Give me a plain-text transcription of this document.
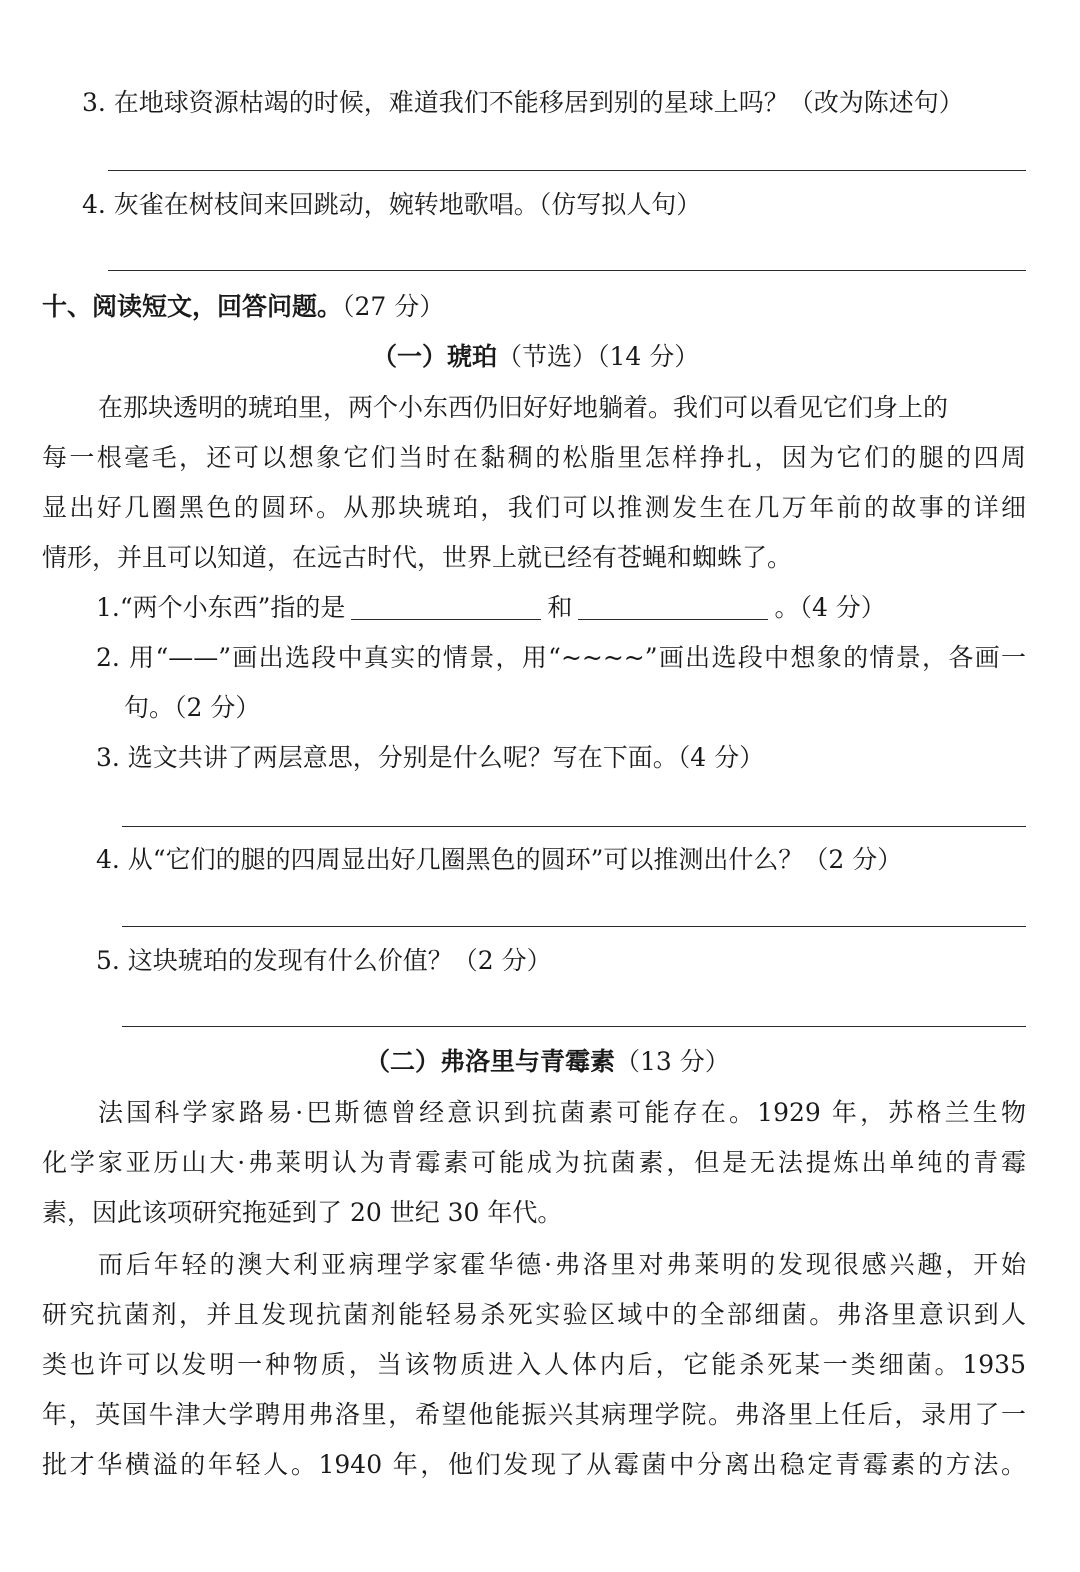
3. 在地球资源枯竭的时候，难道我们不能移居到别的星球上吗？（改为陈述句）
4. 灰雀在树枝间来回跳动，婉转地歌唱。（仿写拟人句）
十、阅读短文，回答问题。（27 分）
（一）琥珀（节选）（14 分）
在那块透明的琥珀里，两个小东西仍旧好好地躺着。我们可以看见它们身上的
每一根毫毛，还可以想象它们当时在黏稠的松脂里怎样挣扎，因为它们的腿的四周
显出好几圈黑色的圆环。从那块琥珀，我们可以推测发生在几万年前的故事的详细
情形，并且可以知道，在远古时代，世界上就已经有苍蝇和蜘蛛了。
1.“两个小东西”指的是	和	。（4 分）
2. 用“——”画出选段中真实的情景，用“~~~~”画出选段中想象的情景，各画一
句。（2 分）
3. 选文共讲了两层意思，分别是什么呢？写在下面。（4 分）
4. 从“它们的腿的四周显出好几圈黑色的圆环”可以推测出什么？（2 分）
5. 这块琥珀的发现有什么价值？（2 分）
（二）弗洛里与青霉素（13 分）
法国科学家路易·巴斯德曾经意识到抗菌素可能存在。1929 年，苏格兰生物
化学家亚历山大·弗莱明认为青霉素可能成为抗菌素，但是无法提炼出单纯的青霉
素，因此该项研究拖延到了 20 世纪 30 年代。
而后年轻的澳大利亚病理学家霍华德·弗洛里对弗莱明的发现很感兴趣，开始
研究抗菌剂，并且发现抗菌剂能轻易杀死实验区域中的全部细菌。弗洛里意识到人
类也许可以发明一种物质，当该物质进入人体内后，它能杀死某一类细菌。1935
年，英国牛津大学聘用弗洛里，希望他能振兴其病理学院。弗洛里上任后，录用了一
批才华横溢的年轻人。1940 年，他们发现了从霉菌中分离出稳定青霉素的方法。
